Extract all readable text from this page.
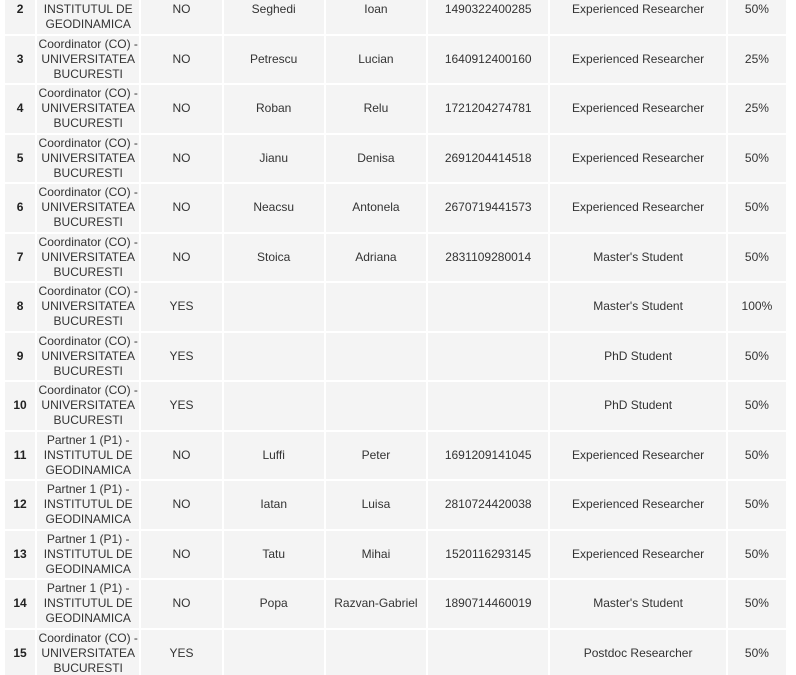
2	INSTITUTUL DE
GEODINAMICA	NO	Seghedi	Ioan	1490322400285	Experienced Researcher	50%
3	Coordinator (CO) -
UNIVERSITATEA
BUCURESTI	NO	Petrescu	Lucian	1640912400160	Experienced Researcher	25%
4	Coordinator (CO) -
UNIVERSITATEA
BUCURESTI	NO	Roban	Relu	1721204274781	Experienced Researcher	25%
5	Coordinator (CO) -
UNIVERSITATEA
BUCURESTI	NO	Jianu	Denisa	2691204414518	Experienced Researcher	50%
6	Coordinator (CO) -
UNIVERSITATEA
BUCURESTI	NO	Neacsu	Antonela	2670719441573	Experienced Researcher	50%
7	Coordinator (CO) -
UNIVERSITATEA
BUCURESTI	NO	Stoica	Adriana	2831109280014	Master's Student	50%
8	Coordinator (CO) -
UNIVERSITATEA
BUCURESTI	YES				Master's Student	100%
9	Coordinator (CO) -
UNIVERSITATEA
BUCURESTI	YES				PhD Student	50%
10	Coordinator (CO) -
UNIVERSITATEA
BUCURESTI	YES				PhD Student	50%
11	Partner 1 (P1) -
INSTITUTUL DE
GEODINAMICA	NO	Luffi	Peter	1691209141045	Experienced Researcher	50%
12	Partner 1 (P1) -
INSTITUTUL DE
GEODINAMICA	NO	Iatan	Luisa	2810724420038	Experienced Researcher	50%
13	Partner 1 (P1) -
INSTITUTUL DE
GEODINAMICA	NO	Tatu	Mihai	1520116293145	Experienced Researcher	50%
14	Partner 1 (P1) -
INSTITUTUL DE
GEODINAMICA	NO	Popa	Razvan-Gabriel	1890714460019	Master's Student	50%
15	Coordinator (CO) -
UNIVERSITATEA
BUCURESTI	YES				Postdoc Researcher	50%
